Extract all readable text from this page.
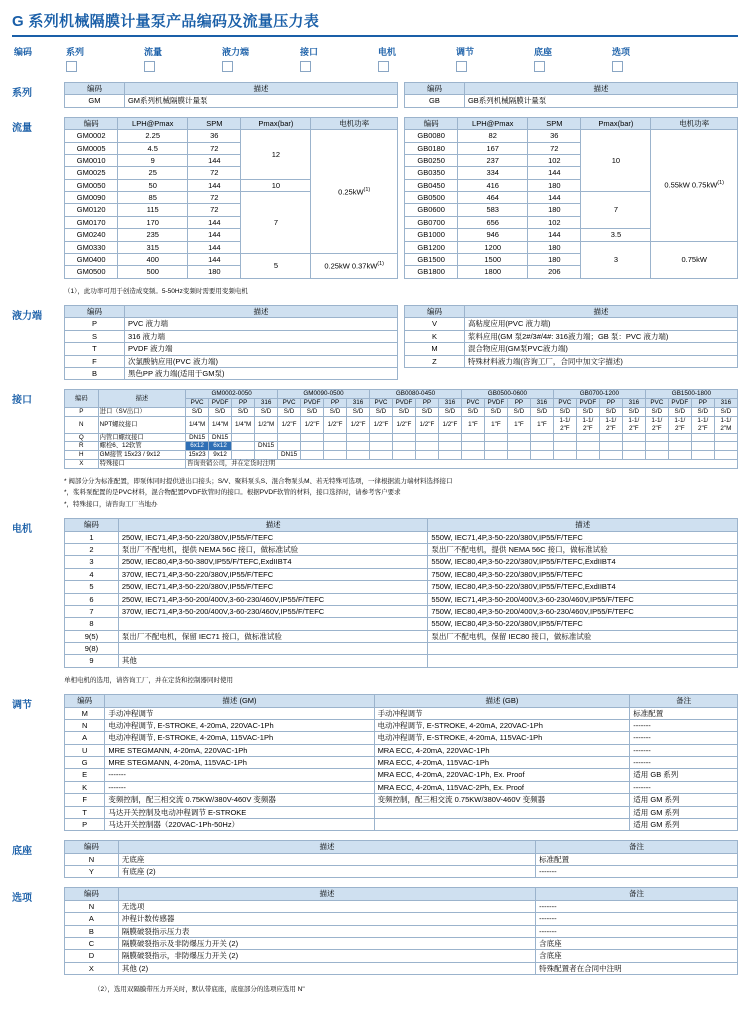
G 系列机械隔膜计量泵产品编码及流量压力表
编码	系列	流量	液力端	接口	电机	调节	底座	选项
系列	编码	描述
GM	GM系列机械隔膜计量泵
编码	描述
GB	GB系列机械隔膜计量泵
流量	编码	LPH@Pmax	SPM	Pmax(bar)	电机功率
GM0002	2.25	36	12	$0.25kW^{(1)}$
GM0005	4.5	72		
GM0010	9	144		
GM0025	25	72		
GM0050	50	144	10	
GM0090	85	72	7	
GM0120	115	72		
GM0170	170	144		
GM0240	235	144		
GM0330	315	144		
GM0400	400	144	5	0.25kW $0.37kW^{(1)}$
GM0500	500	180		
编码	LPH@Pmax	SPM	Pmax(bar)	电机功率
GB0080	82	36	10	0.55kW $0.75kW^{(1)}$
GB0180	167	72		
GB0250	237	102		
GB0350	334	144		
GB0450	416	180		
GB0500	464	144	7	
GB0600	583	180		
GB0700	656	102		
GB1000	946	144	3.5	
GB1200	1200	180	3	0.75kW
GB1500	1500	180		
GB1800	1800	206		
（1），此功率可用于创造成变频。5-50Hz变频时需要用变频电机
液力端	编码	描述
P	PVC 液力端
S	316 液力端
T	PVDF 液力端
F	次氯酸钠应用(PVC 液力端)
B	黑色PP 液力端(适用于GM泵)
编码	描述
V	高粘度应用(PVC 液力端)
K	浆料应用(GM 泵2#/3#/4#: 316液力端；GB 泵：PVC 液力端)
M	混合物应用(GM泵PVC液力端)
Z	特殊材料液力端(咨询工厂，合同中加文字描述)
接口	编码	描述	GM0002-0050				GM0090-0500				GB0080-0450				GB0500-0600				GB0700-1200				GB1500-1800			
		PVC	PVDF	PP	316	PVC	PVDF	PP	316	PVC	PVDF	PP	316	PVC	PVDF	PP	316	PVC	PVDF	PP	316	PVC	PVDF	PP	316
P	进口（SV出口）	S/D	S/D	S/D	S/D	S/D	S/D	S/D	S/D	S/D	S/D	S/D	S/D	S/D	S/D	S/D	S/D	S/D	S/D	S/D	S/D	S/D	S/D	S/D	S/D
N	NPT螺纹接口	1/4"M	1/4"M	1/4"M	1/2"M	1/2"F	1/2"F	1/2"F	1/2"F	1/2"F	1/2"F	1/2"F	1/2"F	1"F	1"F	1"F	1"F	1-1/2"F	1-1/2"F	1-1/2"F	1-1/2"F	1-1/2"F	1-1/2"F	1-1/2"F	1-1/2"M
Q	内管口螺纹接口	DN15	DN15																						
R	螺栓6、12软管	6x12	6x12		DN15																				
H	GM接管 15x23 / 9x12	15x23	9x12			DN15																			
X	特殊接口	咨询贵销公司，并在定货时注明																							
* 阀部分分为标准配置，即泵体同时提供进出口接头；S/V、聚料泵头S、混合物泵头M、若无特殊可选项，一律根据流力端材料选择接口
*，浆料泵配置的是PVC材料，混合物配置PVDF软管时的接口。根据PVDF软管的材料，接口选择时，请参考客户要求
*，特殊接口，请咨询工厂当地办
电机	编码	描述	描述
1	250W, IEC71,4P,3-50-220/380V,IP55/F/TEFC	550W, IEC71,4P,3-50-220/380V,IP55/F/TEFC
2	泵出厂不配电机，提供 NEMA 56C 接口，做标准试验	泵出厂不配电机，提供 NEMA 56C 接口，做标准试验
3	250W, IEC80,4P,3-50-380V,IP55/F/TEFC,ExdIIBT4	550W, IEC80,4P,3-50-220/380V,IP55/F/TEFC,ExdIIBT4
4	370W, IEC71,4P,3-50-220/380V,IP55/F/TEFC	750W, IEC80,4P,3-50-220/380V,IP55/F/TEFC
5	250W, IEC71,4P,3-50-220/380V,IP55/F/TEFC	750W, IEC80,4P,3-50-220/380V,IP55/F/TEFC,ExdIIBT4
6	250W, IEC71,4P,3-50-200/400V,3-60-230/460V,IP55/F/TEFC	550W, IEC71,4P,3-50-200/400V,3-60-230/460V,IP55/F/TEFC
7	370W, IEC71,4P,3-50-200/400V,3-60-230/460V,IP55/F/TEFC	750W, IEC80,4P,3-50-200/400V,3-60-230/460V,IP55/F/TEFC
8		550W, IEC80,4P,3-50-220/380V,IP55/F/TEFC
9(5)	泵出厂不配电机，保留 IEC71 接口，做标准试验	泵出厂不配电机，保留 IEC80 接口，做标准试验
9(8)		
9	其他	
单相电机的选用，请咨询工厂，并在定货和控制器同时使用
调节	编码	描述 (GM)	描述 (GB)	备注
M	手动冲程调节	手动冲程调节	标准配置
N	电动冲程调节, E-STROKE, 4-20mA, 220VAC-1Ph	电动冲程调节, E-STROKE, 4-20mA, 220VAC-1Ph	-------
A	电动冲程调节, E-STROKE, 4-20mA, 115VAC-1Ph	电动冲程调节, E-STROKE, 4-20mA, 115VAC-1Ph	-------
U	MRE STEGMANN, 4-20mA, 220VAC-1Ph	MRA ECC, 4-20mA, 220VAC-1Ph	-------
G	MRE STEGMANN, 4-20mA, 115VAC-1Ph	MRA ECC, 4-20mA, 115VAC-1Ph	-------
E	-------	MRA ECC, 4-20mA, 220VAC-1Ph, Ex. Proof	适用 GB 系列
K	-------	MRA ECC, 4-20mA, 115VAC-2Ph, Ex. Proof	-------
F	变频控制，配三相交流 0.75KW/380V-460V 变频器	变频控制，配三相交流 0.75KW/380V-460V 变频器	适用 GM 系列
T	马达开关控制及电动冲程调节 E-STROKE		适用 GM 系列
P	马达开关控制器（220VAC-1Ph-50Hz）		适用 GM 系列
底座	编码	描述	备注
N	无底座	标准配置
Y	有底座 (2)	-------
选项	编码	描述	备注
N	无选项	-------
A	冲程计数传感器	-------
B	隔膜破裂指示压力表	-------
C	隔膜破裂指示及非防爆压力开关 (2)	含底座
D	隔膜破裂指示，非防爆压力开关 (2)	含底座
X	其他 (2)	特殊配置者在合同中注明
（2），选用双隔膜带压力开关时，默认带底座，底座部分的选项应选用 N"
